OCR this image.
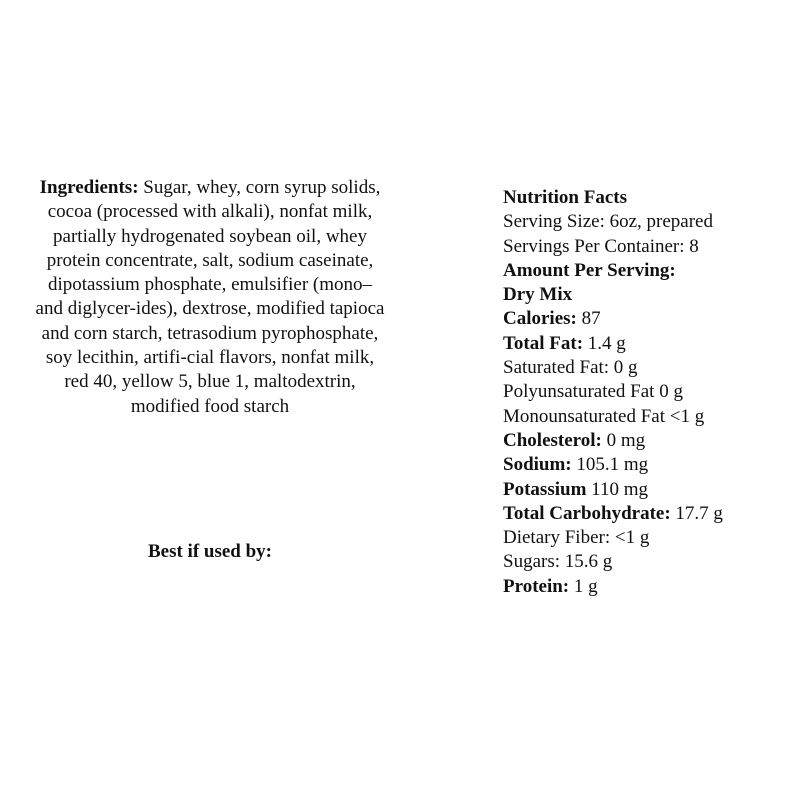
Ingredients: Sugar, whey, corn syrup solids, cocoa (processed with alkali), nonfat milk, partially hydrogenated soybean oil, whey protein concentrate, salt, sodium caseinate, dipotassium phosphate, emulsifier (mono– and diglycer-ides), dextrose, modified tapioca and corn starch, tetrasodium pyrophosphate, soy lecithin, artifi-cial flavors, nonfat milk, red 40, yellow 5, blue 1, maltodextrin, modified food starch
Best if used by:
Nutrition Facts
Serving Size: 6oz, prepared
Servings Per Container: 8
Amount Per Serving:
Dry Mix
Calories: 87
Total Fat: 1.4 g
Saturated Fat: 0 g
Polyunsaturated Fat 0 g
Monounsaturated Fat <1 g
Cholesterol: 0 mg
Sodium: 105.1 mg
Potassium 110 mg
Total Carbohydrate: 17.7 g
Dietary Fiber: <1 g
Sugars: 15.6 g
Protein: 1 g
